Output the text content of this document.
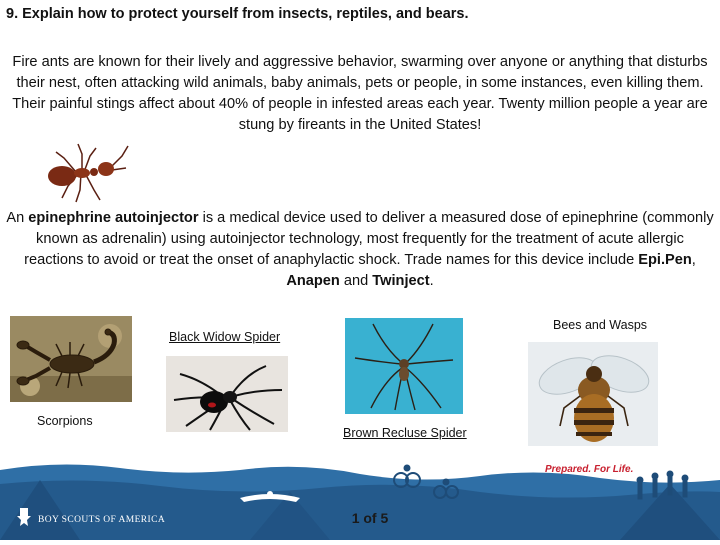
9. Explain how to protect yourself from insects, reptiles, and bears.
Fire ants are known for their lively and aggressive behavior, swarming over anyone or anything that disturbs their nest, often attacking wild animals, baby animals, pets or people, in some instances, even killing them. Their painful stings affect about 40% of people in infested areas each year. Twenty million people a year are stung by fireants in the United States!
An epinephrine autoinjector is a medical device used to deliver a measured dose of epinephrine (commonly known as adrenalin) using autoinjector technology, most frequently for the treatment of acute allergic reactions to avoid or treat the onset of anaphylactic shock. Trade names for this device include Epi.Pen, Anapen and Twinject.
Scorpions
Black Widow Spider
Brown Recluse Spider
Bees and Wasps
BOY SCOUTS OF AMERICA
Prepared. For Life.
1 of 5
